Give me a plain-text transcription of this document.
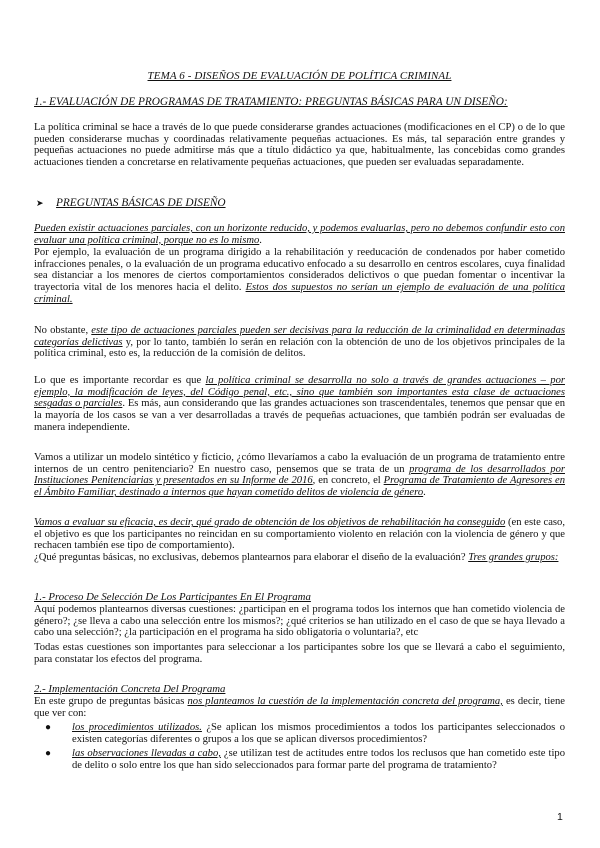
TEMA 6 - DISEÑOS DE EVALUACIÓN DE POLÍTICA CRIMINAL
1.- EVALUACIÓN DE PROGRAMAS DE TRATAMIENTO: PREGUNTAS BÁSICAS PARA UN DISEÑO:

La política criminal se hace a través de lo que puede considerarse grandes actuaciones (modificaciones en el CP) o de lo que pueden considerarse muchas y coordinadas relativamente pequeñas actuaciones. Es más, tal separación entre grandes y pequeñas actuaciones no puede admitirse más que a título didáctico ya que, habitualmente, las concebidas como grandes actuaciones tienden a concretarse en relativamente pequeñas actuaciones, que pueden ser evaluadas separadamente.

➤ PREGUNTAS BÁSICAS DE DISEÑO

Pueden existir actuaciones parciales, con un horizonte reducido, y podemos evaluarlas, pero no debemos confundir esto con evaluar una política criminal, porque no es lo mismo.

Por ejemplo, la evaluación de un programa dirigido a la rehabilitación y reeducación de condenados por haber cometido infracciones penales, o la evaluación de un programa educativo enfocado a su desarrollo en centros escolares, cuya finalidad sea distanciar a los menores de ciertos comportamientos considerados delictivos o que puedan fomentar o incentivar la trayectoria vital de los menores hacia el delito. Estos dos supuestos no serían un ejemplo de evaluación de una política criminal.

No obstante, este tipo de actuaciones parciales pueden ser decisivas para la reducción de la criminalidad en determinadas categorías delictivas y, por lo tanto, también lo serán en relación con la obtención de uno de los objetivos principales de la política criminal, esto es, la reducción de la comisión de delitos.

Lo que es importante recordar es que la política criminal se desarrolla no solo a través de grandes actuaciones – por ejemplo, la modificación de leyes, del Código penal, etc., sino que también son importantes esta clase de actuaciones sesgadas o parciales. Es más, aun considerando que las grandes actuaciones son trascendentales, tenemos que pensar que en la mayoría de los casos se van a ver desarrolladas a través de pequeñas actuaciones, que también podrán ser evaluadas de manera independiente.

Vamos a utilizar un modelo sintético y ficticio, ¿cómo llevaríamos a cabo la evaluación de un programa de tratamiento entre internos de un centro penitenciario? En nuestro caso, pensemos que se trata de un programa de los desarrollados por Instituciones Penitenciarias y presentados en su Informe de 2016, en concreto, el Programa de Tratamiento de Agresores en el Ámbito Familiar, destinado a internos que hayan cometido delitos de violencia de género.

Vamos a evaluar su eficacia, es decir, qué grado de obtención de los objetivos de rehabilitación ha conseguido (en este caso, el objetivo es que los participantes no reincidan en su comportamiento violento en relación con la violencia de género y que rechacen también ese tipo de comportamiento).
¿Qué preguntas básicas, no exclusivas, debemos plantearnos para elaborar el diseño de la evaluación? Tres grandes grupos:

1.- Proceso De Selección De Los Participantes En El Programa

Aquí podemos plantearnos diversas cuestiones: ¿participan en el programa todos los internos que han cometido violencia de género?; ¿se lleva a cabo una selección entre los mismos?; ¿qué criterios se han utilizado en el caso de que se haya llevado a cabo una selección?; ¿la participación en el programa ha sido obligatoria o voluntaria?, etc

Todas estas cuestiones son importantes para seleccionar a los participantes sobre los que se llevará a cabo el seguimiento, para constatar los efectos del programa.

2.- Implementación Concreta Del Programa

En este grupo de preguntas básicas nos planteamos la cuestión de la implementación concreta del programa, es decir, tiene que ver con:

● los procedimientos utilizados. ¿Se aplican los mismos procedimientos a todos los participantes seleccionados o existen categorías diferentes o grupos a los que se aplican diversos procedimientos?
● las observaciones llevadas a cabo, ¿se utilizan test de actitudes entre todos los reclusos que han cometido este tipo de delito o solo entre los que han sido seleccionados para formar parte del programa de tratamiento?
1
